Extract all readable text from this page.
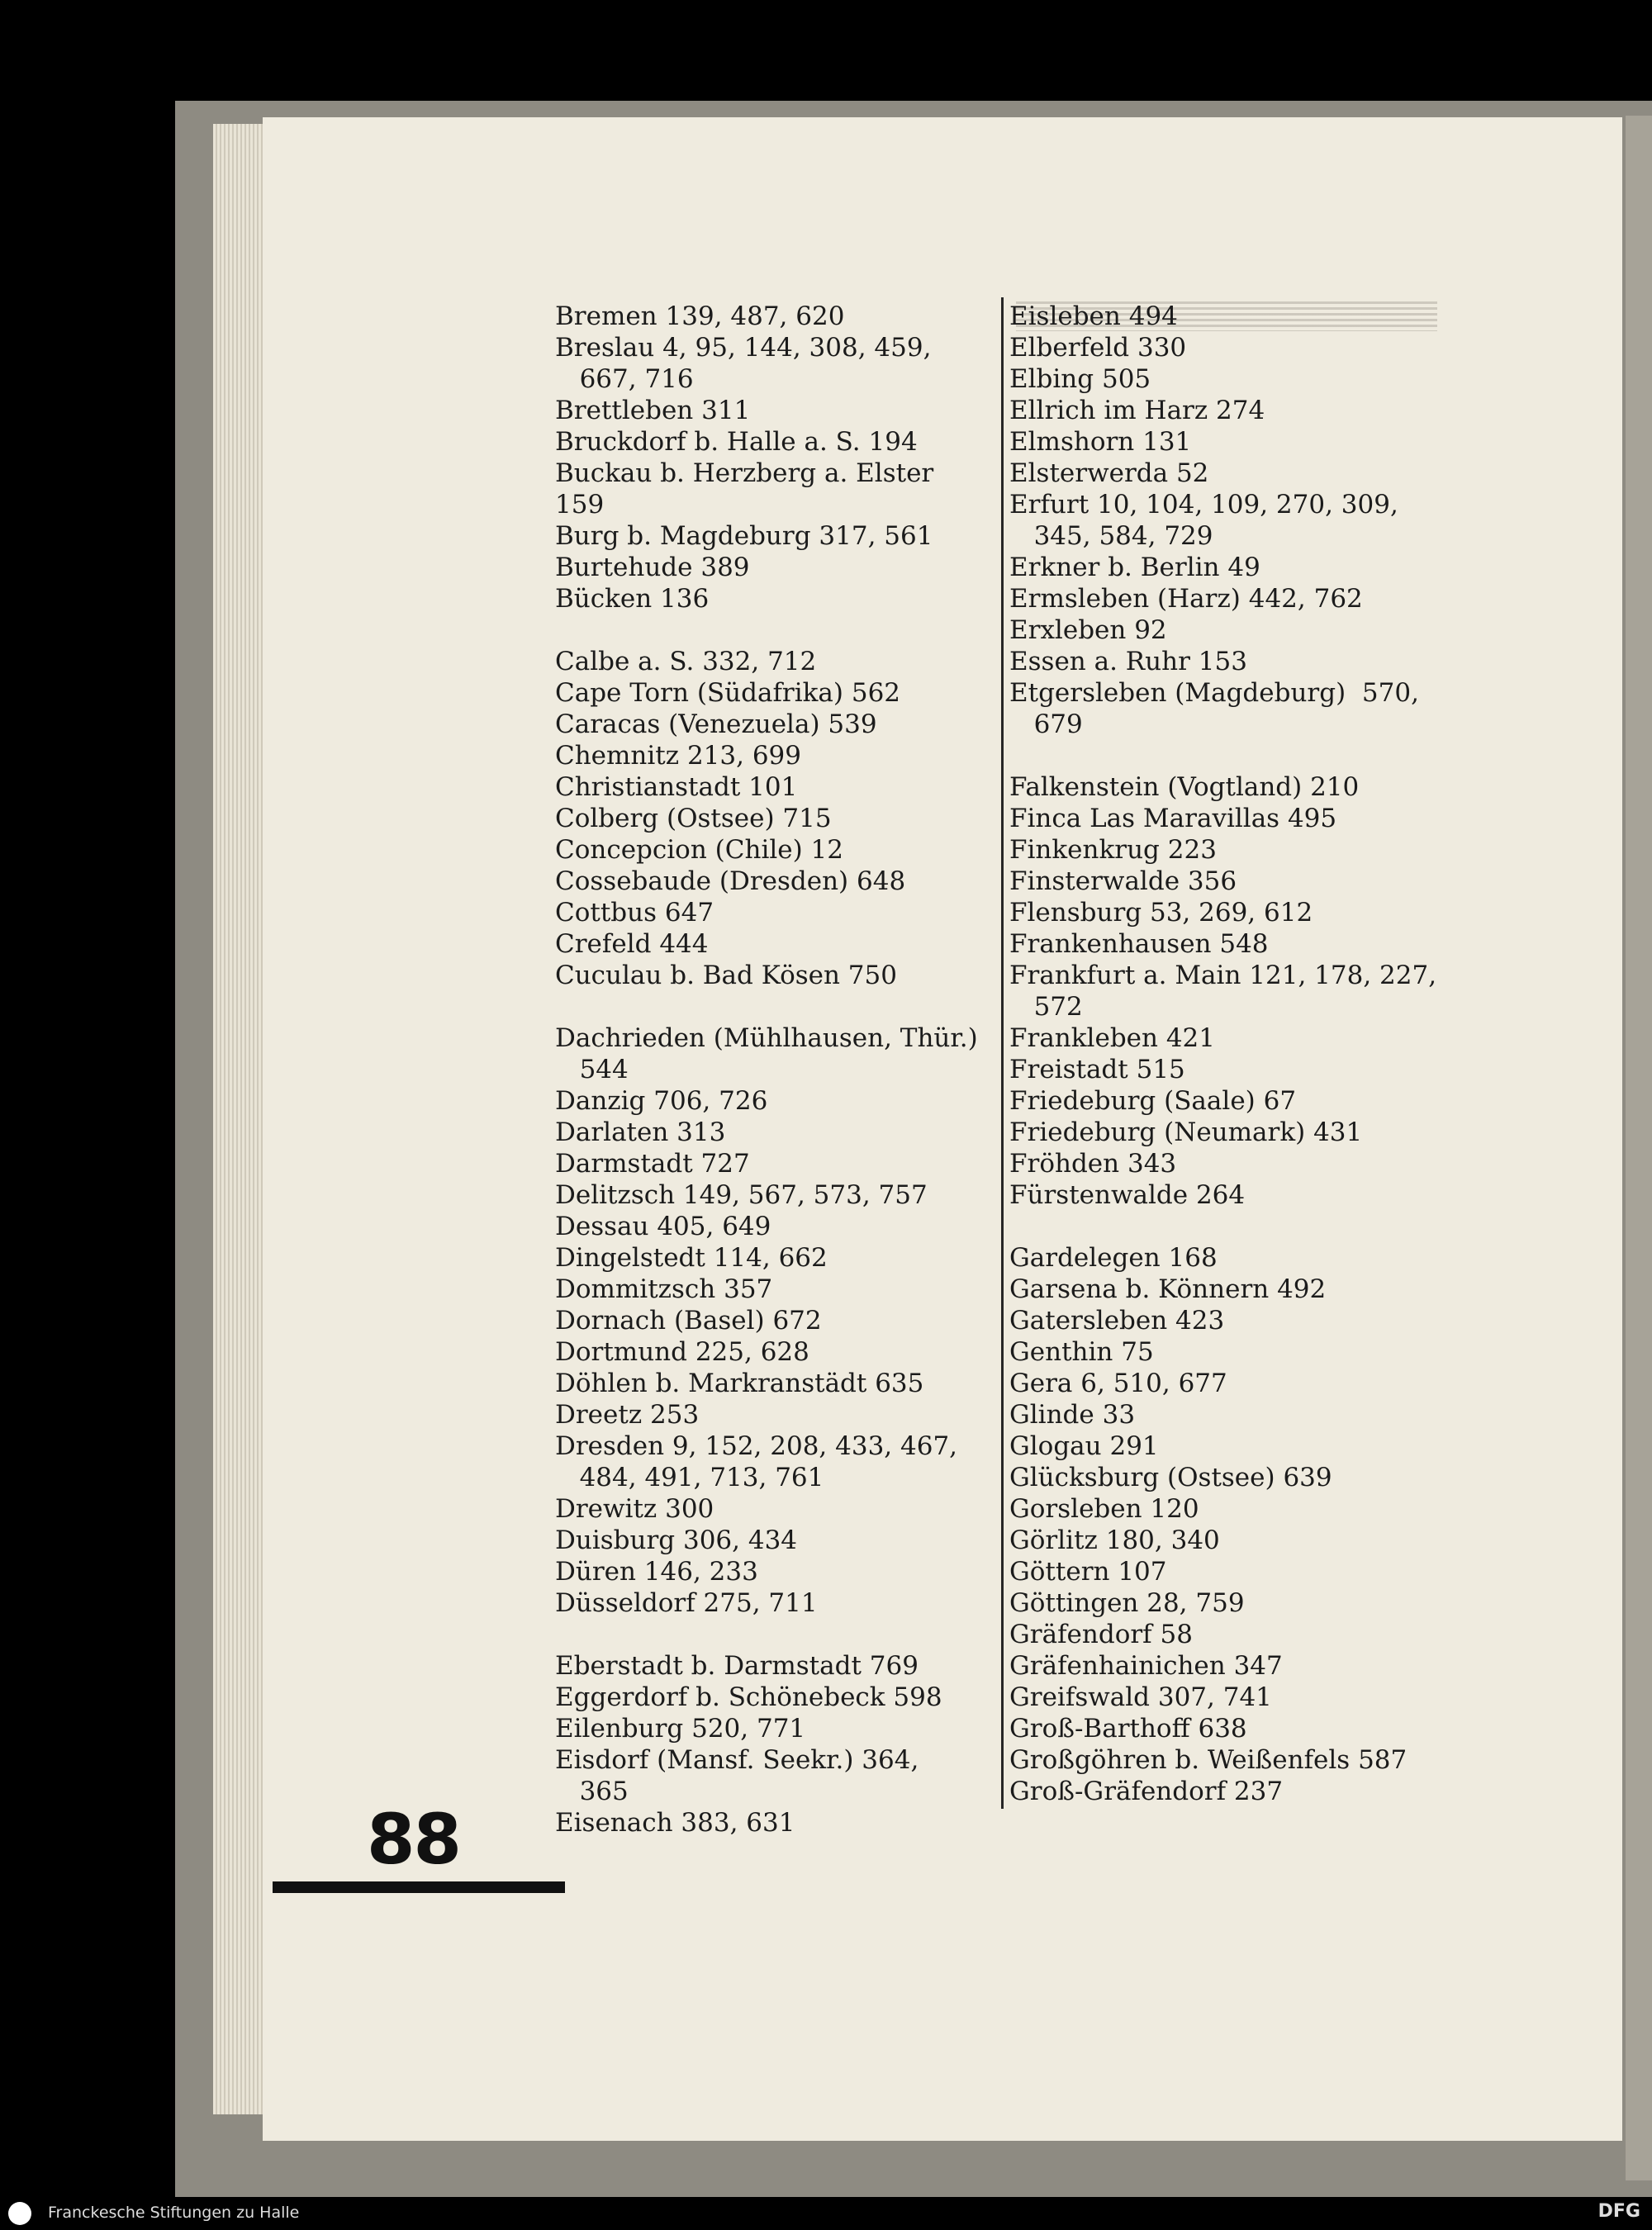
Bremen 139, 487, 620
Breslau 4, 95, 144, 308, 459,
667, 716
Brettleben 311
Bruckdorf b. Halle a. S. 194
Buckau b. Herzberg a. Elster 159
Burg b. Magdeburg 317, 561
Burtehude 389
Bücken 136
Calbe a. S. 332, 712
Cape Torn (Südafrika) 562
Caracas (Venezuela) 539
Chemnitz 213, 699
Christianstadt 101
Colberg (Ostsee) 715
Concepcion (Chile) 12
Cossebaude (Dresden) 648
Cottbus 647
Crefeld 444
Cuculau b. Bad Kösen 750
Dachrieden (Mühlhausen, Thür.)
544
Danzig 706, 726
Darlaten 313
Darmstadt 727
Delitzsch 149, 567, 573, 757
Dessau 405, 649
Dingelstedt 114, 662
Dommitzsch 357
Dornach (Basel) 672
Dortmund 225, 628
Döhlen b. Markranstädt 635
Dreetz 253
Dresden 9, 152, 208, 433, 467,
484, 491, 713, 761
Drewitz 300
Duisburg 306, 434
Düren 146, 233
Düsseldorf 275, 711
Eberstadt b. Darmstadt 769
Eggerdorf b. Schönebeck 598
Eilenburg 520, 771
Eisdorf (Mansf. Seekr.) 364,
365
Eisenach 383, 631
Eisleben 494
Elberfeld 330
Elbing 505
Ellrich im Harz 274
Elmshorn 131
Elsterwerda 52
Erfurt 10, 104, 109, 270, 309,
345, 584, 729
Erkner b. Berlin 49
Ermsleben (Harz) 442, 762
Erxleben 92
Essen a. Ruhr 153
Etgersleben (Magdeburg)  570,
679
Falkenstein (Vogtland) 210
Finca Las Maravillas 495
Finkenkrug 223
Finsterwalde 356
Flensburg 53, 269, 612
Frankenhausen 548
Frankfurt a. Main 121, 178, 227,
572
Frankleben 421
Freistadt 515
Friedeburg (Saale) 67
Friedeburg (Neumark) 431
Fröhden 343
Fürstenwalde 264
Gardelegen 168
Garsena b. Könnern 492
Gatersleben 423
Genthin 75
Gera 6, 510, 677
Glinde 33
Glogau 291
Glücksburg (Ostsee) 639
Gorsleben 120
Görlitz 180, 340
Göttern 107
Göttingen 28, 759
Gräfendorf 58
Gräfenhainichen 347
Greifswald 307, 741
Groß-Barthoff 638
Großgöhren b. Weißenfels 587
Groß-Gräfendorf 237
88
Franckesche Stiftungen zu Halle	DFG
